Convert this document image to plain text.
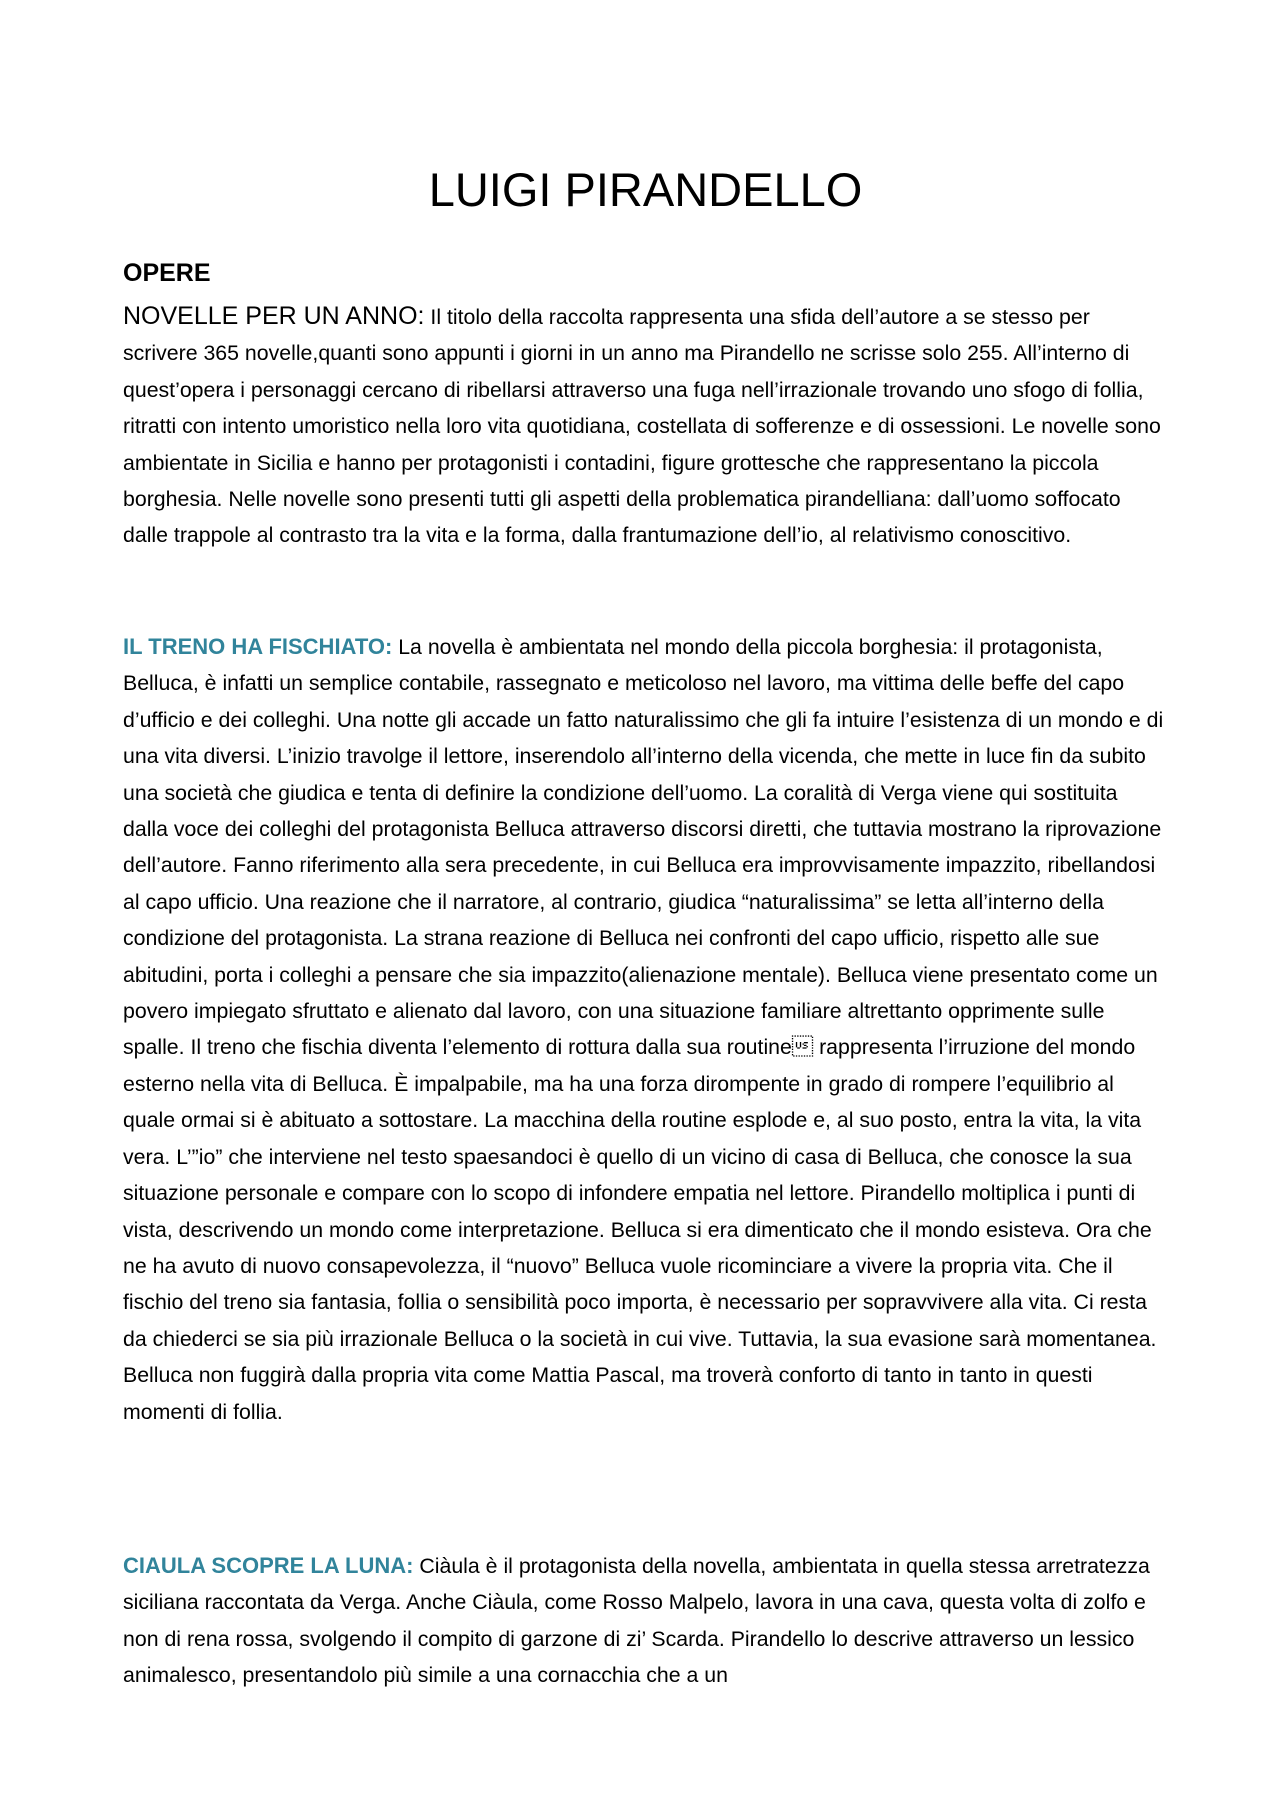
LUIGI PIRANDELLO
OPERE

NOVELLE PER UN ANNO: Il titolo della raccolta rappresenta una sfida dell’autore a se stesso per scrivere 365 novelle,quanti sono appunti i giorni in un anno ma Pirandello ne scrisse solo 255. All’interno di quest’opera i personaggi cercano di ribellarsi attraverso una fuga nell’irrazionale trovando uno sfogo di follia, ritratti con intento umoristico nella loro vita quotidiana, costellata di sofferenze e di ossessioni. Le novelle sono ambientate in Sicilia e hanno per protagonisti i contadini, figure grottesche che rappresentano la piccola borghesia. Nelle novelle sono presenti tutti gli aspetti della problematica pirandelliana: dall’uomo soffocato dalle trappole al contrasto tra la vita e la forma, dalla frantumazione dell’io, al relativismo conoscitivo.

IL TRENO HA FISCHIATO: La novella è ambientata nel mondo della piccola borghesia: il protagonista, Belluca, è infatti un semplice contabile, rassegnato e meticoloso nel lavoro, ma vittima delle beffe del capo d’ufficio e dei colleghi. Una notte gli accade un fatto naturalissimo che gli fa intuire l’esistenza di un mondo e di una vita diversi. L’inizio travolge il lettore, inserendolo all’interno della vicenda, che mette in luce fin da subito una società che giudica e tenta di definire la condizione dell’uomo. La coralità di Verga viene qui sostituita dalla voce dei colleghi del protagonista Belluca attraverso discorsi diretti, che tuttavia mostrano la riprovazione dell’autore. Fanno riferimento alla sera precedente, in cui Belluca era improvvisamente impazzito, ribellandosi al capo ufficio. Una reazione che il narratore, al contrario, giudica “naturalissima” se letta all’interno della condizione del protagonista. La strana reazione di Belluca nei confronti del capo ufficio, rispetto alle sue abitudini, porta i colleghi a pensare che sia impazzito(alienazione mentale). Belluca viene presentato come un povero impiegato sfruttato e alienato dal lavoro, con una situazione familiare altrettanto opprimente sulle spalle. Il treno che fischia diventa l’elemento di rottura dalla sua routine rappresenta l’irruzione del mondo esterno nella vita di Belluca. È impalpabile, ma ha una forza dirompente in grado di rompere l’equilibrio al quale ormai si è abituato a sottostare. La macchina della routine esplode e, al suo posto, entra la vita, la vita vera. L’”io” che interviene nel testo spaesandoci è quello di un vicino di casa di Belluca, che conosce la sua situazione personale e compare con lo scopo di infondere empatia nel lettore. Pirandello moltiplica i punti di vista, descrivendo un mondo come interpretazione. Belluca si era dimenticato che il mondo esisteva. Ora che ne ha avuto di nuovo consapevolezza, il “nuovo” Belluca vuole ricominciare a vivere la propria vita. Che il fischio del treno sia fantasia, follia o sensibilità poco importa, è necessario per sopravvivere alla vita. Ci resta da chiederci se sia più irrazionale Belluca o la società in cui vive. Tuttavia, la sua evasione sarà momentanea. Belluca non fuggirà dalla propria vita come Mattia Pascal, ma troverà conforto di tanto in tanto in questi momenti di follia.

CIAULA SCOPRE LA LUNA: Ciàula è il protagonista della novella, ambientata in quella stessa arretratezza siciliana raccontata da Verga. Anche Ciàula, come Rosso Malpelo, lavora in una cava, questa volta di zolfo e non di rena rossa, svolgendo il compito di garzone di zi’ Scarda. Pirandello lo descrive attraverso un lessico animalesco, presentandolo più simile a una cornacchia che a un
